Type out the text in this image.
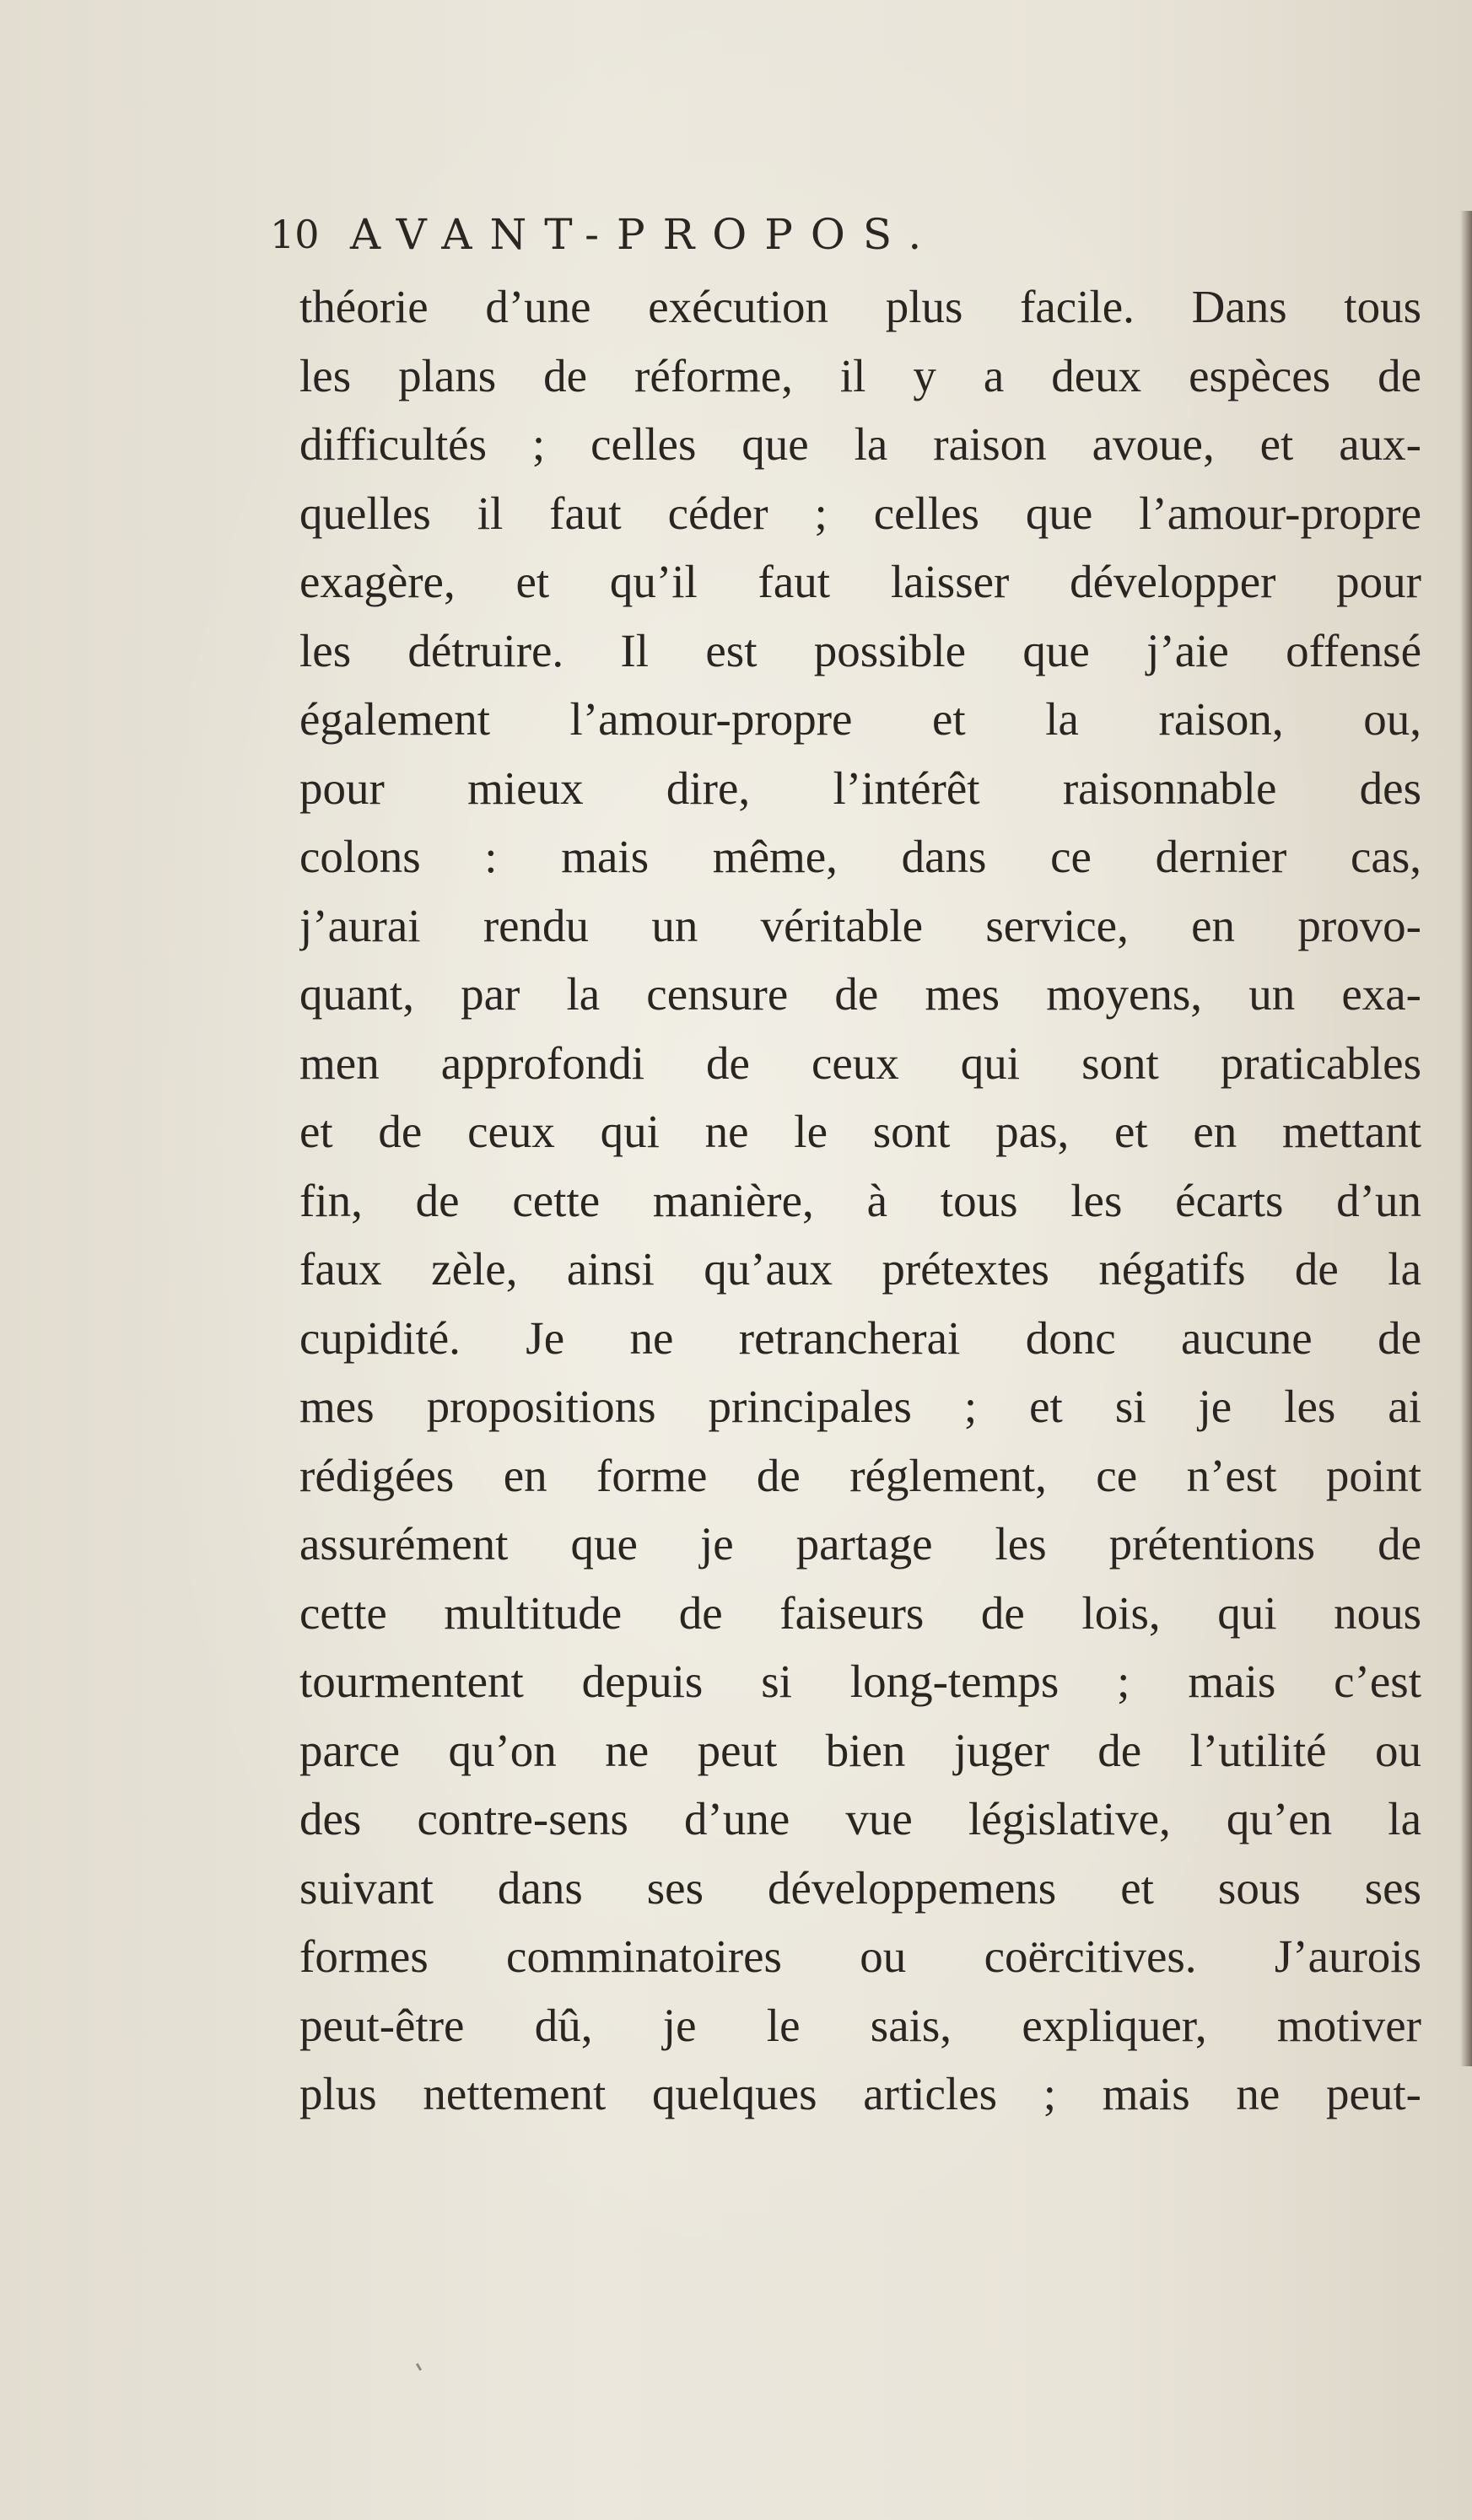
10 AVANT-PROPOS.
théorie d’une exécution plus facile. Dans tous
les plans de réforme, il y a deux espèces de
difficultés ; celles que la raison avoue, et aux-
quelles il faut céder ; celles que l’amour-propre
exagère, et qu’il faut laisser développer pour
les détruire. Il est possible que j’aie offensé
également l’amour-propre et la raison, ou,
pour mieux dire, l’intérêt raisonnable des
colons : mais même, dans ce dernier cas,
j’aurai rendu un véritable service, en provo-
quant, par la censure de mes moyens, un exa-
men approfondi de ceux qui sont praticables
et de ceux qui ne le sont pas, et en mettant
fin, de cette manière, à tous les écarts d’un
faux zèle, ainsi qu’aux prétextes négatifs de la
cupidité. Je ne retrancherai donc aucune de
mes propositions principales ; et si je les ai
rédigées en forme de réglement, ce n’est point
assurément que je partage les prétentions de
cette multitude de faiseurs de lois, qui nous
tourmentent depuis si long-temps ; mais c’est
parce qu’on ne peut bien juger de l’utilité ou
des contre-sens d’une vue législative, qu’en la
suivant dans ses développemens et sous ses
formes comminatoires ou coërcitives. J’aurois
peut-être dû, je le sais, expliquer, motiver
plus nettement quelques articles ; mais ne peut-
